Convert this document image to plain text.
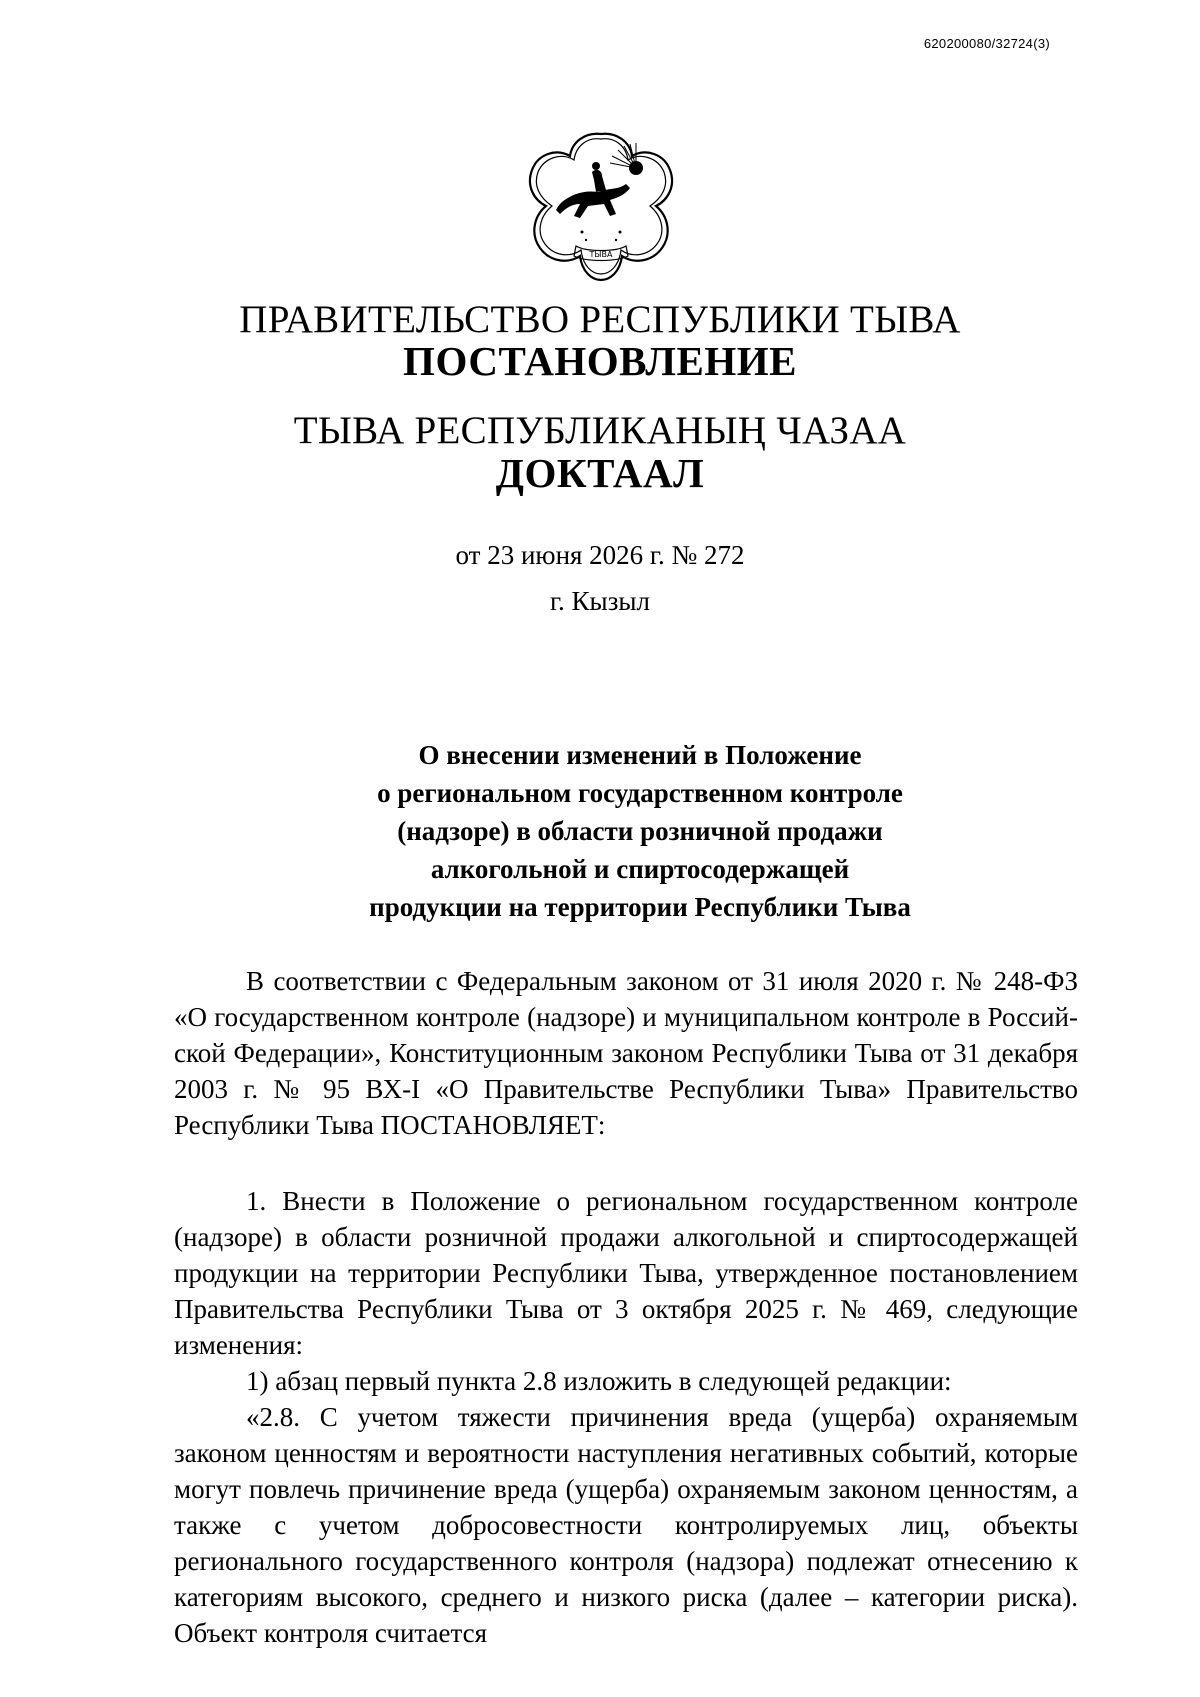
620200080/32724(3)
ТЫВА
ПРАВИТЕЛЬСТВО РЕСПУБЛИКИ ТЫВА
ПОСТАНОВЛЕНИЕ
ТЫВА РЕСПУБЛИКАНЫҢ ЧАЗАА
ДОКТААЛ
от 23 июня 2026 г. № 272
г. Кызыл
О внесении изменений в Положение
о региональном государственном контроле
(надзоре) в области розничной продажи
алкогольной и спиртосодержащей
продукции на территории Республики Тыва

В соответствии с Федеральным законом от 31 июля 2020 г. № 248-ФЗ «О государственном контроле (надзоре) и муниципальном контроле в Российской Федерации», Конституционным законом Республики Тыва от 31 декабря 2003 г. № 95 ВХ-I «О Правительстве Республики Тыва» Правительство Республики Тыва ПОСТАНОВЛЯЕТ:

1. Внести в Положение о региональном государственном контроле (надзоре) в области розничной продажи алкогольной и спиртосодержащей продукции на территории Республики Тыва, утвержденное постановлением Правительства Республики Тыва от 3 октября 2025 г. № 469, следующие изменения:

1) абзац первый пункта 2.8 изложить в следующей редакции:

«2.8. С учетом тяжести причинения вреда (ущерба) охраняемым законом ценностям и вероятности наступления негативных событий, которые могут повлечь причинение вреда (ущерба) охраняемым законом ценностям, а также с учетом добросовестности контролируемых лиц, объекты регионального государственного контроля (надзора) подлежат отнесению к категориям высокого, среднего и низкого риска (далее – категории риска). Объект контроля считается
